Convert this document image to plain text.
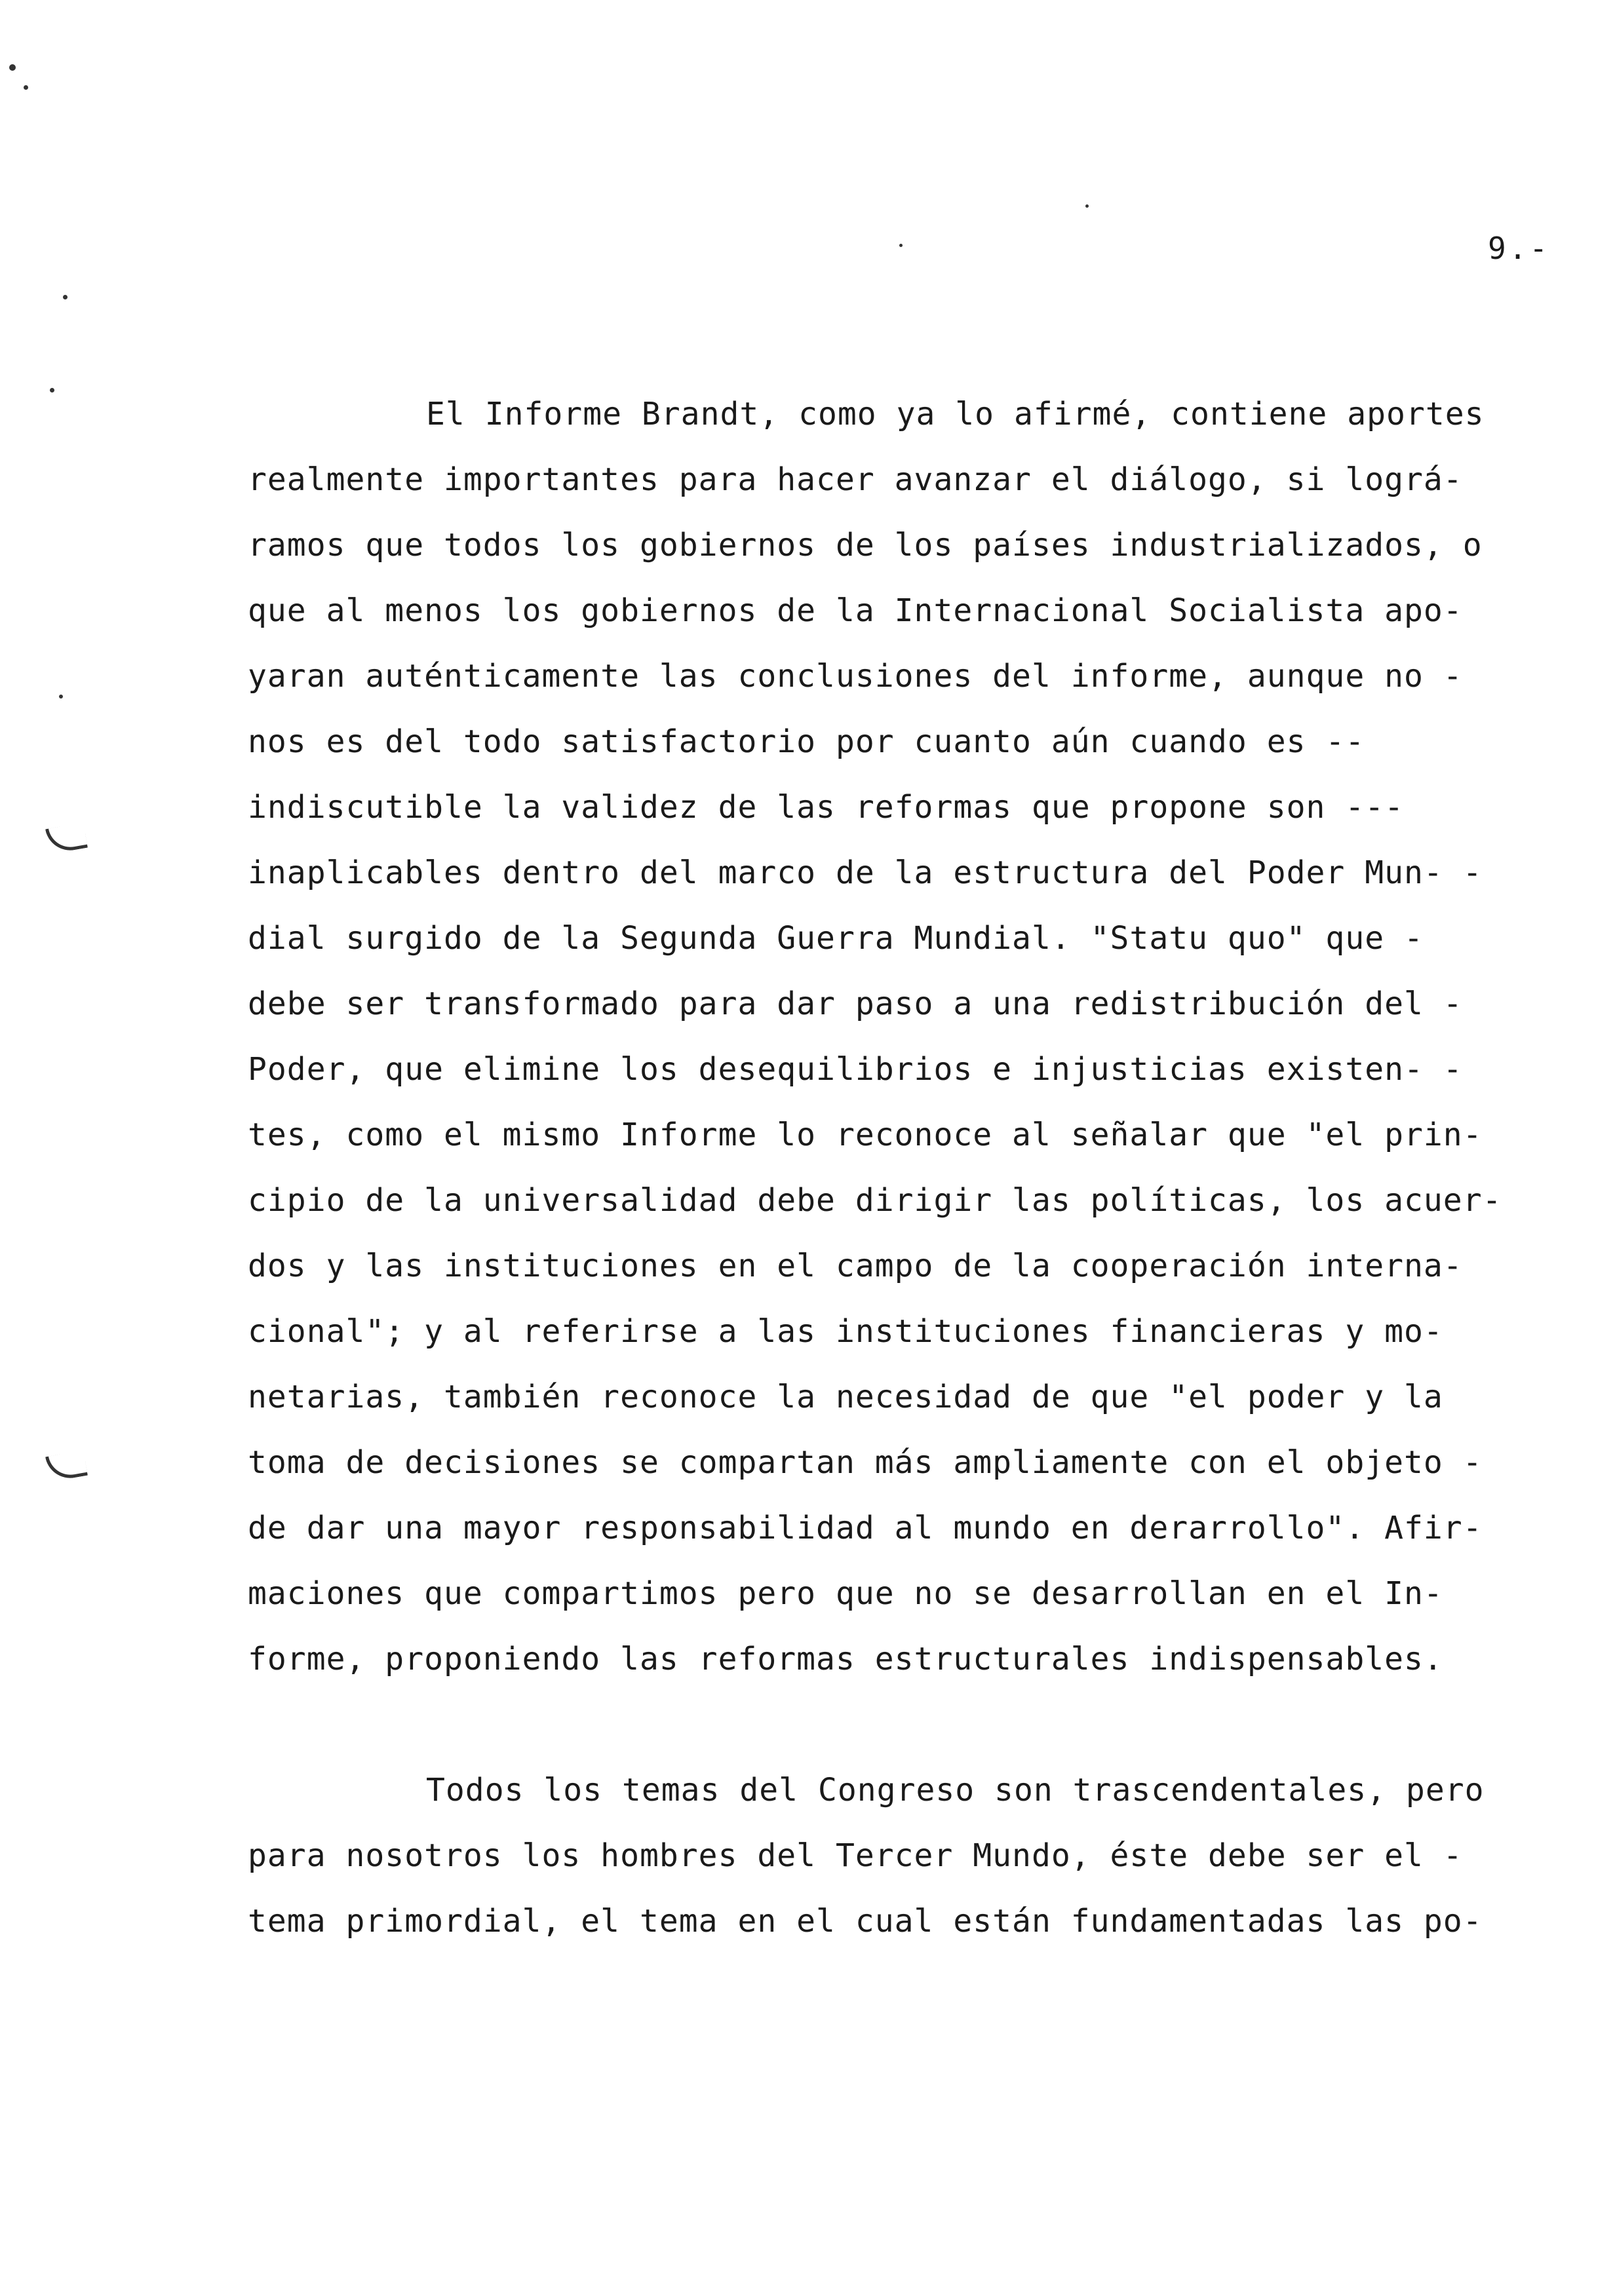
9.-
El Informe Brandt, como ya lo afirmé, contiene aportes
realmente importantes para hacer avanzar el diálogo, si lográ-
ramos que todos los gobiernos de los países industrializados, o
que al menos los gobiernos de la Internacional Socialista apo-
yaran auténticamente las conclusiones del informe, aunque no -
nos es del todo satisfactorio por cuanto aún cuando es --
indiscutible la validez de las reformas que propone son ---
inaplicables dentro del marco de la estructura del Poder Mun- -
dial surgido de la Segunda Guerra Mundial. "Statu quo" que -
debe ser transformado para dar paso a una redistribución del -
Poder, que elimine los desequilibrios e injusticias existen- -
tes, como el mismo Informe lo reconoce al señalar que "el prin-
cipio de la universalidad debe dirigir las políticas, los acuer-
dos y las instituciones en el campo de la cooperación interna-
cional"; y al referirse a las instituciones financieras y mo-
netarias, también reconoce la necesidad de que "el poder y la
toma de decisiones se compartan más ampliamente con el objeto -
de dar una mayor responsabilidad al mundo en derarrollo". Afir-
maciones que compartimos pero que no se desarrollan en el In-
forme, proponiendo las reformas estructurales indispensables.
Todos los temas del Congreso son trascendentales, pero
para nosotros los hombres del Tercer Mundo, éste debe ser el -
tema primordial, el tema en el cual están fundamentadas las po-
